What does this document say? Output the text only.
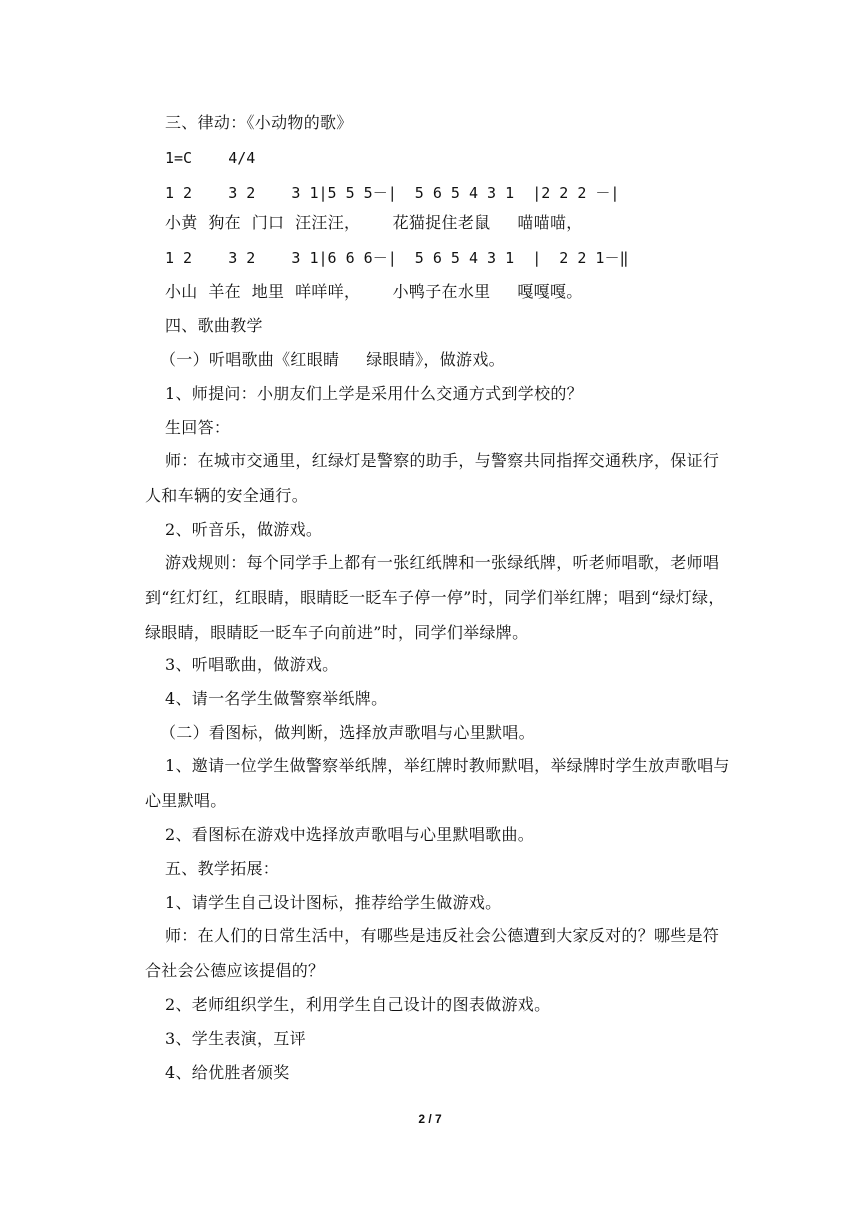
三、律动：《小动物的歌》
1=C    4/4
1 2    3 2    3 1|5 5 5－|  5 6 5 4 3 1  |2 2 2 －|
小黄  狗在  门口  汪汪汪，      花猫捉住老鼠     喵喵喵，
1 2    3 2    3 1|6 6 6－|  5 6 5 4 3 1  |  2 2 1－‖
小山  羊在  地里  咩咩咩，      小鸭子在水里     嘎嘎嘎。
四、歌曲教学
（一）听唱歌曲《红眼睛     绿眼睛》，做游戏。
1、师提问：小朋友们上学是采用什么交通方式到学校的？
生回答：
师：在城市交通里，红绿灯是警察的助手，与警察共同指挥交通秩序，保证行人和车辆的安全通行。
2、听音乐，做游戏。
游戏规则：每个同学手上都有一张红纸牌和一张绿纸牌，听老师唱歌，老师唱到“红灯红，红眼睛，眼睛眨一眨车子停一停”时，同学们举红牌；唱到“绿灯绿，绿眼睛，眼睛眨一眨车子向前进”时，同学们举绿牌。
3、听唱歌曲，做游戏。
4、请一名学生做警察举纸牌。
（二）看图标，做判断，选择放声歌唱与心里默唱。
1、邀请一位学生做警察举纸牌，举红牌时教师默唱，举绿牌时学生放声歌唱与心里默唱。
2、看图标在游戏中选择放声歌唱与心里默唱歌曲。
五、教学拓展：
1、请学生自己设计图标，推荐给学生做游戏。
师：在人们的日常生活中，有哪些是违反社会公德遭到大家反对的？哪些是符合社会公德应该提倡的？
2、老师组织学生，利用学生自己设计的图表做游戏。
3、学生表演，互评
4、给优胜者颁奖
2 / 7
